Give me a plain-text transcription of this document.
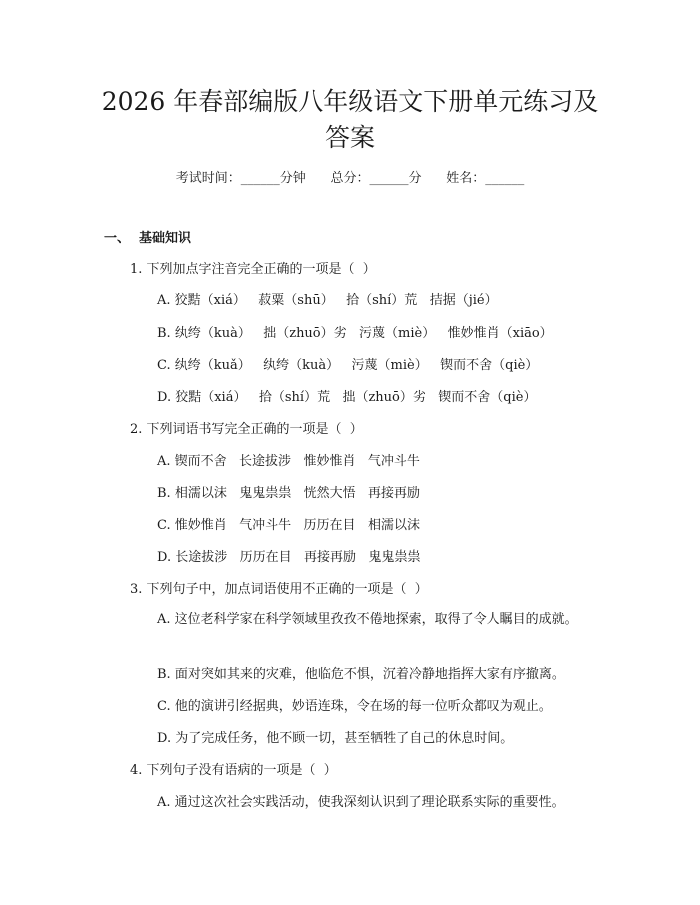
2026 年春部编版八年级语文下册单元练习及
答案
考试时间：______分钟      总分：______分      姓名：______
一、 基础知识
1. 下列加点字注音完全正确的一项是（  ）
A. 狡黠（xiá）   菽粟（shū）   拾（shí）荒   拮据（jié）
B. 纨绔（kuà）   拙（zhuō）劣   污蔑（miè）   惟妙惟肖（xiāo）
C. 纨绔（kuǎ）   纨绔（kuà）   污蔑（miè）   锲而不舍（qiè）
D. 狡黠（xiá）   拾（shí）荒   拙（zhuō）劣   锲而不舍（qiè）
2. 下列词语书写完全正确的一项是（  ）
A. 锲而不舍   长途拔涉   惟妙惟肖   气冲斗牛
B. 相濡以沫   鬼鬼祟祟   恍然大悟   再接再励
C. 惟妙惟肖   气冲斗牛   历历在目   相濡以沫
D. 长途拔涉   历历在目   再接再励   鬼鬼祟祟
3. 下列句子中，加点词语使用不正确的一项是（  ）
A. 这位老科学家在科学领域里孜孜不倦地探索，取得了令人瞩目的成就。
B. 面对突如其来的灾难，他临危不惧，沉着冷静地指挥大家有序撤离。
C. 他的演讲引经据典，妙语连珠，令在场的每一位听众都叹为观止。
D. 为了完成任务，他不顾一切，甚至牺牲了自己的休息时间。
4. 下列句子没有语病的一项是（  ）
A. 通过这次社会实践活动，使我深刻认识到了理论联系实际的重要性。
